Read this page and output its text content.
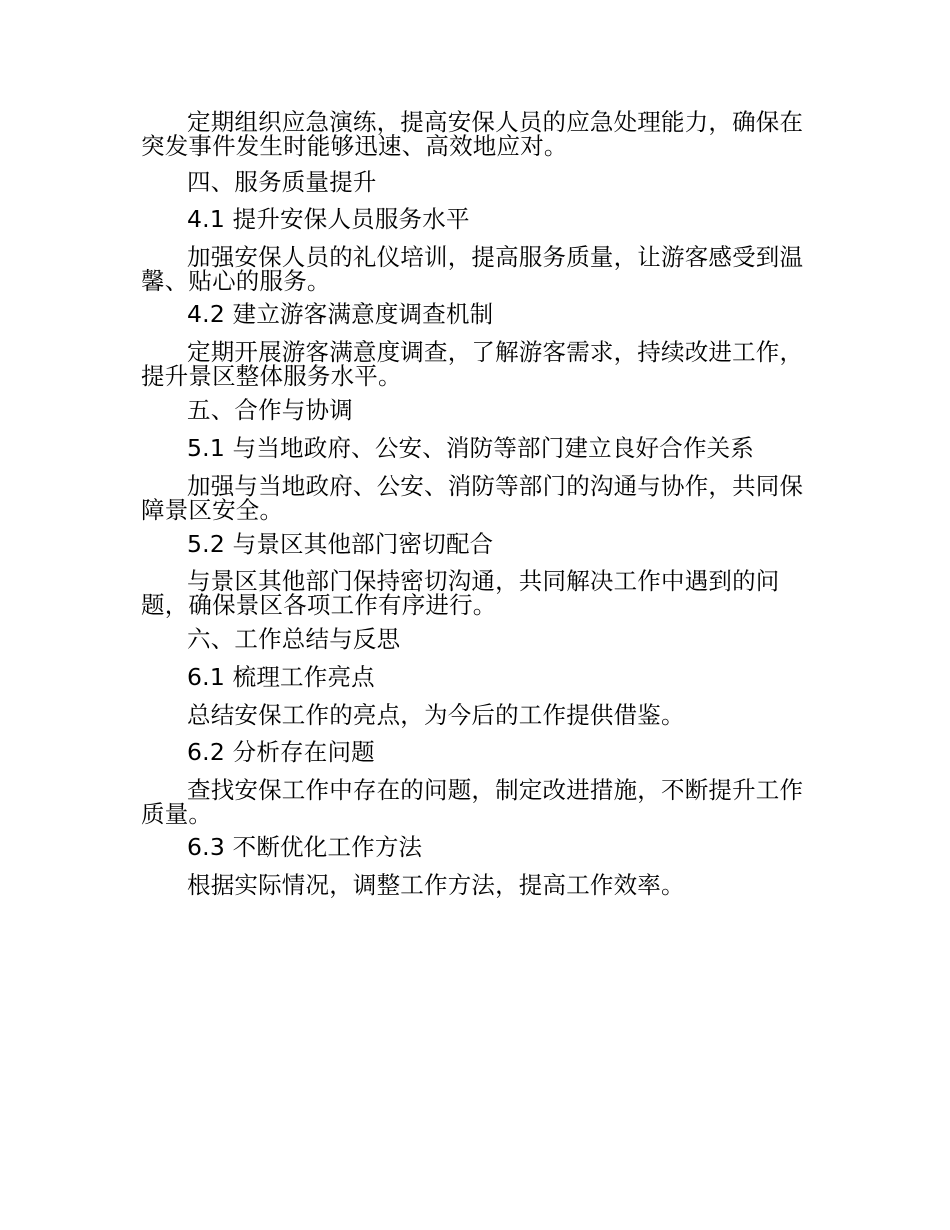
定期组织应急演练，提高安保人员的应急处理能力，确保在突发事件发生时能够迅速、高效地应对。
四、服务质量提升
4.1 提升安保人员服务水平
加强安保人员的礼仪培训，提高服务质量，让游客感受到温馨、贴心的服务。
4.2 建立游客满意度调查机制
定期开展游客满意度调查，了解游客需求，持续改进工作，提升景区整体服务水平。
五、合作与协调
5.1 与当地政府、公安、消防等部门建立良好合作关系
加强与当地政府、公安、消防等部门的沟通与协作，共同保障景区安全。
5.2 与景区其他部门密切配合
与景区其他部门保持密切沟通，共同解决工作中遇到的问题，确保景区各项工作有序进行。
六、工作总结与反思
6.1 梳理工作亮点
总结安保工作的亮点，为今后的工作提供借鉴。
6.2 分析存在问题
查找安保工作中存在的问题，制定改进措施，不断提升工作质量。
6.3 不断优化工作方法
根据实际情况，调整工作方法，提高工作效率。
